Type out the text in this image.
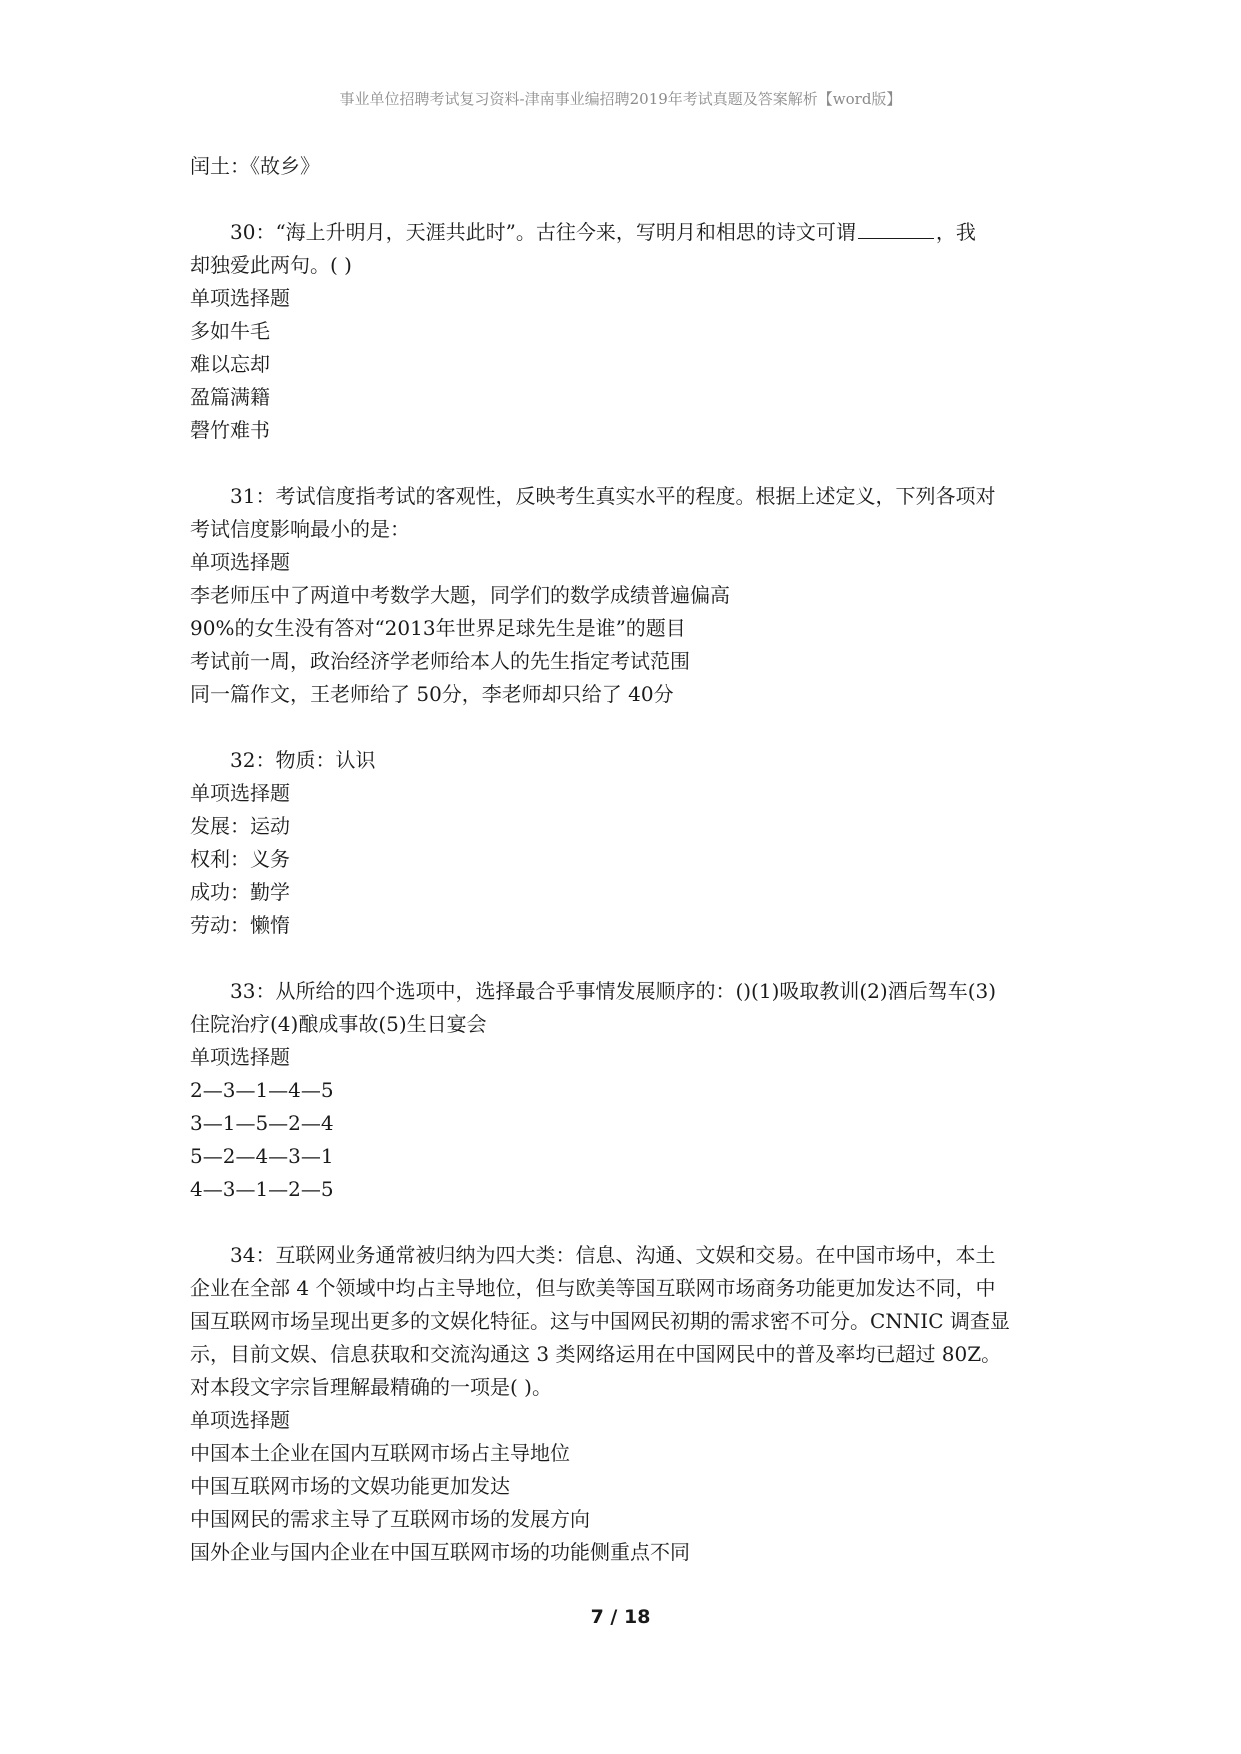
事业单位招聘考试复习资料-津南事业编招聘2019年考试真题及答案解析【word版】
闰土：《故乡》
30：“海上升明月，天涯共此时”。古往今来，写明月和相思的诗文可谓	，我
却独爱此两句。( )
单项选择题
多如牛毛
难以忘却
盈篇满籍
磬竹难书
31：考试信度指考试的客观性，反映考生真实水平的程度。根据上述定义，下列各项对
考试信度影响最小的是：
单项选择题
李老师压中了两道中考数学大题，同学们的数学成绩普遍偏高
90%的女生没有答对“2013年世界足球先生是谁”的题目
考试前一周，政治经济学老师给本人的先生指定考试范围
同一篇作文，王老师给了 50分，李老师却只给了 40分
32：物质：认识
单项选择题
发展：运动
权利：义务
成功：勤学
劳动：懒惰
33：从所给的四个选项中，选择最合乎事情发展顺序的：()(1)吸取教训(2)酒后驾车(3)
住院治疗(4)酿成事故(5)生日宴会
单项选择题
2—3—1—4—5
3—1—5—2—4
5—2—4—3—1
4—3—1—2—5
34：互联网业务通常被归纳为四大类：信息、沟通、文娱和交易。在中国市场中，本土
企业在全部 4 个领域中均占主导地位，但与欧美等国互联网市场商务功能更加发达不同，中
国互联网市场呈现出更多的文娱化特征。这与中国网民初期的需求密不可分。CNNIC 调查显
示，目前文娱、信息获取和交流沟通这 3 类网络运用在中国网民中的普及率均已超过 80Z。
对本段文字宗旨理解最精确的一项是( )。
单项选择题
中国本土企业在国内互联网市场占主导地位
中国互联网市场的文娱功能更加发达
中国网民的需求主导了互联网市场的发展方向
国外企业与国内企业在中国互联网市场的功能侧重点不同
7 / 18
